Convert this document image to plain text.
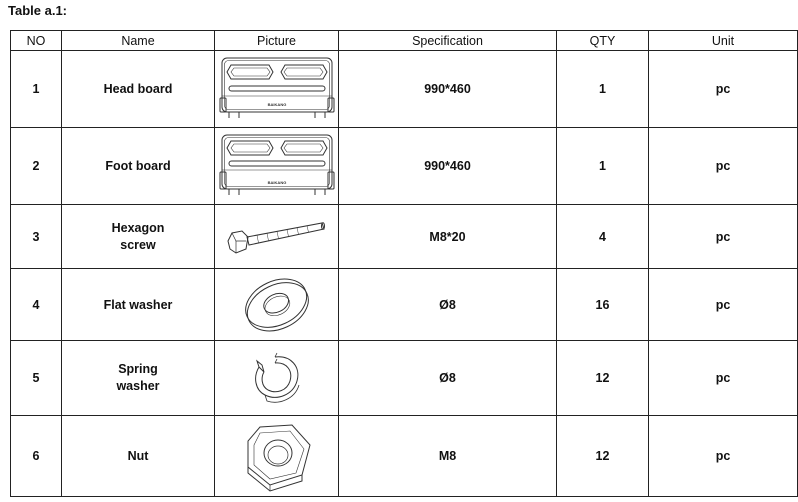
Table a.1:
NO	Name	Picture	Specification	QTY	Unit
1	Head board	BAIKANG	990*460	1	pc
2	Foot board	BAIKANG	990*460	1	pc
3	Hexagon screw		M8*20	4	pc
4	Flat washer		Ø8	16	pc
5	Spring washer		Ø8	12	pc
6	Nut		M8	12	pc
